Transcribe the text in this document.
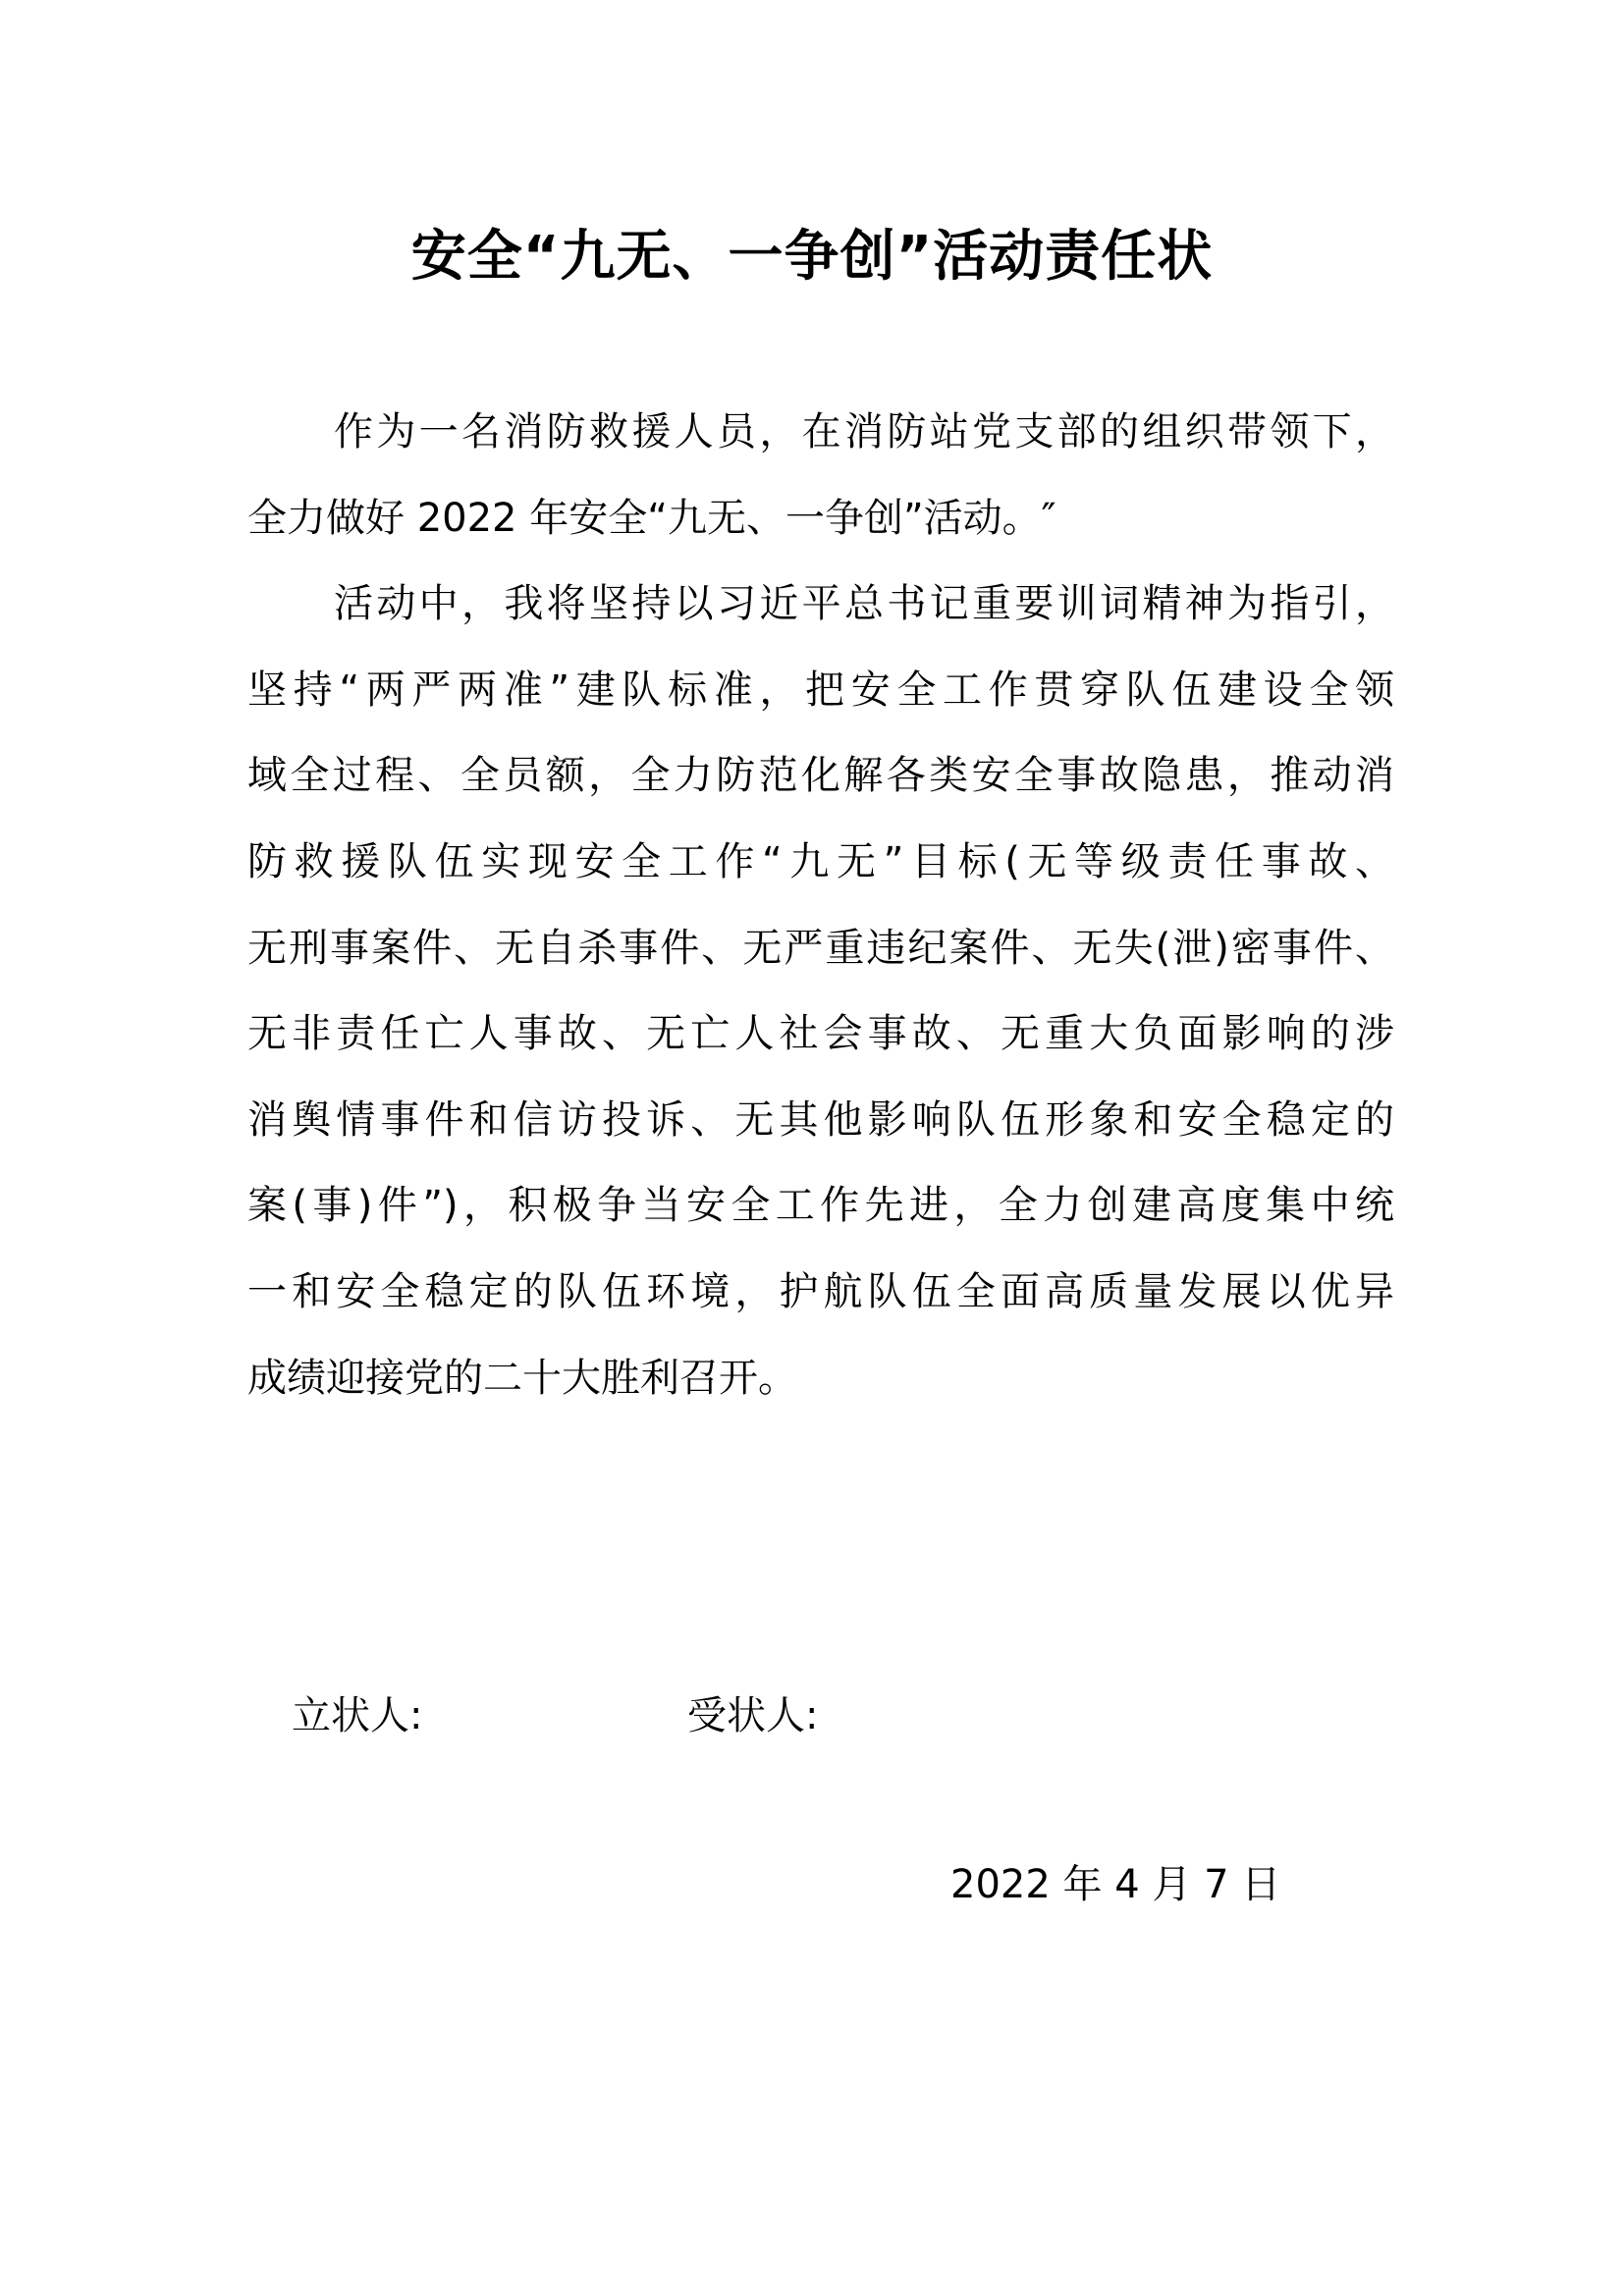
安全“九无、一争创”活动责任状
作为一名消防救援人员，在消防站党支部的组织带领下，
全力做好 2022 年安全“九无、一争创”活动。″
活动中，我将坚持以习近平总书记重要训词精神为指引，
坚持“两严两准”建队标准，把安全工作贯穿队伍建设全领
域全过程、全员额，全力防范化解各类安全事故隐患，推动消
防救援队伍实现安全工作“九无”目标(无等级责任事故、
无刑事案件、无自杀事件、无严重违纪案件、无失(泄)密事件、
无非责任亡人事故、无亡人社会事故、无重大负面影响的涉
消舆情事件和信访投诉、无其他影响队伍形象和安全稳定的
案(事)件”)，积极争当安全工作先进，全力创建高度集中统
一和安全稳定的队伍环境，护航队伍全面高质量发展以优异
成绩迎接党的二十大胜利召开。
立状人:	受状人:
2022 年 4 月 7 日
